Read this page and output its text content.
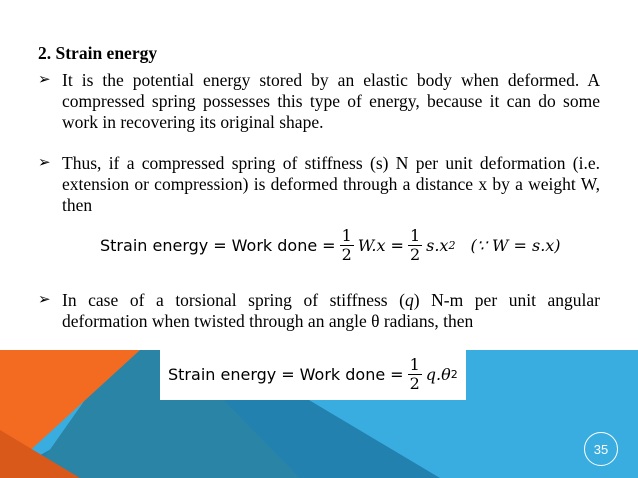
2. Strain energy
➢ It is the potential energy stored by an elastic body when deformed. A compressed spring possesses this type of energy, because it can do some work in recovering its original shape.
➢ Thus, if a compressed spring of stiffness (s) N per unit deformation (i.e. extension or compression) is deformed through a distance x by a weight W, then
Strain energy = Work done = $\frac{1}{2} W.x = \frac{1}{2} s.x$ 2 (∵ W = s.x)
➢ In case of a torsional spring of stiffness (q) N-m per unit angular deformation when twisted through an angle θ radians, then
Strain energy = Work done = $\frac{1}{2} q.\theta$ 2
35
